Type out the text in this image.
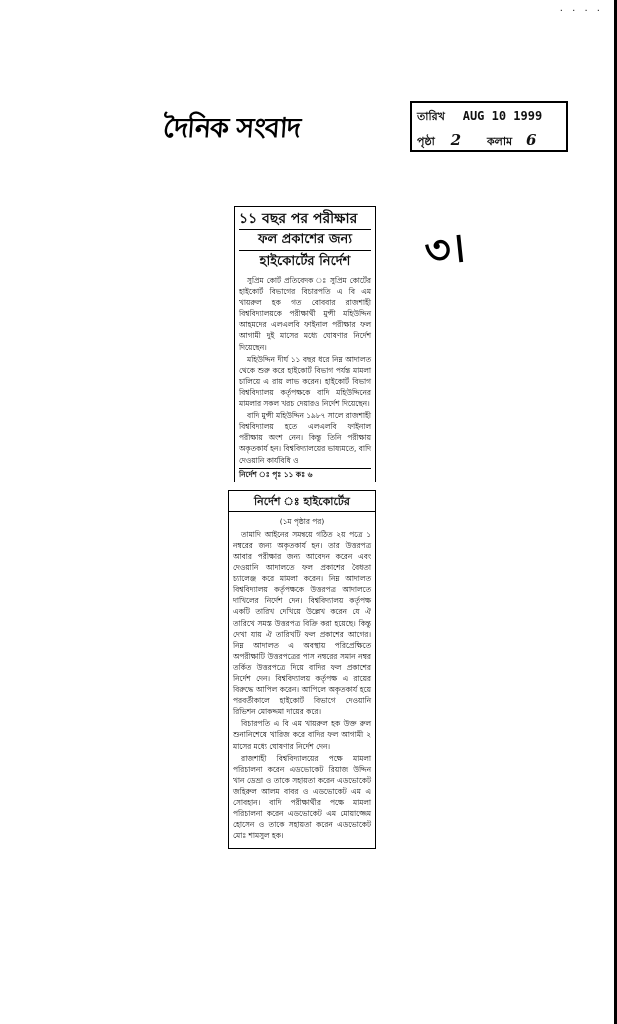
· · · ·
দৈনিক সংবাদ	তারিখ AUG 10 1999
পৃষ্ঠা 2 কলাম 6
৩।
১১ বছর পর পরীক্ষার
ফল প্রকাশের জন্য
হাইকোর্টের নির্দেশ

সুপ্রিম কোর্ট প্রতিবেদক ঃ সুপ্রিম কোর্টের হাইকোর্ট বিভাগের বিচারপতি এ বি এম খায়রুল হক গত বোববার রাজশাহী বিশ্ববিদ্যালয়কে পরীক্ষার্থী মুন্সী মহিউদ্দিন আহমদের এলএলবি ফাইনাল পরীক্ষার ফল আগামী দুই মাসের মধ্যে ঘোষণার নির্দেশ দিয়েছেন।

মহিউদ্দিন দীর্ঘ ১১ বছর ধরে নিম্ন আদালত থেকে শুরু করে হাইকোর্ট বিভাগ পর্যন্ত মামলা চালিয়ে এ রায় লাভ করেন। হাইকোর্ট বিভাগ বিশ্ববিদ্যালয় কর্তৃপক্ষকে বাদি মহিউদ্দিনের মামলার সকল খরচ দেয়ারও নির্দেশ দিয়েছেন।

বাদি মুন্সী মহিউদ্দিন ১৯৮৭ সালে রাজশাহী বিশ্ববিদ্যালয় হতে এলএলবি ফাইনাল পরীক্ষায় অংশ নেন। কিন্তু তিনি পরীক্ষায় অকৃতকার্য হন। বিশ্ববিদ্যালয়ের ভাষ্যমতে, বাদি দেওয়ানি কার্যবিধি ও

নির্দেশ ঃ পৃঃ ১১ কঃ ৬
নির্দেশ ঃ হাইকোর্টের
(১ম পৃষ্ঠার পর)

তামাদি আইনের সমন্বয়ে গঠিত ২য় পত্রে ১ নম্বরের জন্য অকৃতকার্য হন। তার উত্তরপত্র আবার পরীক্ষার জন্য আবেদন করেন এবং দেওয়ানি আদালতে ফল প্রকাশের বৈধতা চ্যালেঞ্জ করে মামলা করেন। নিম্ন আদালত বিশ্ববিদ্যালয় কর্তৃপক্ষকে উত্তরপত্র আদালতে দাখিলের নির্দেশ দেন। বিশ্ববিদ্যালয় কর্তৃপক্ষ একটি তারিখ দেখিয়ে উল্লেখ করেন যে ঐ তারিখে সমস্ত উত্তরপত্র বিক্রি করা হয়েছে। কিন্তু দেখা যায় ঐ তারিখটি ফল প্রকাশের আগের। নিম্ন আদালত এ অবস্থায় পরিপ্রেক্ষিতে অপরীক্ষাটি উত্তরপত্রের পাস নম্বরের সমান নম্বর তর্কিত উত্তরপত্রে দিয়ে বাদির ফল প্রকাশের নির্দেশ দেন। বিশ্ববিদ্যালয় কর্তৃপক্ষ এ রায়ের বিরুদ্ধে আপিল করেন। আপিলে অকৃতকার্য হয়ে পরবর্তীকালে হাইকোর্ট বিভাগে দেওয়ানি রিভিশন মোকদ্দমা দায়ের করে।

বিচারপতি এ বি এম খায়রুল হক উক্ত রুল শুনানিশেষে খারিজ করে বাদির ফল আগামী ২ মাসের মধ্যে ঘোষণার নির্দেশ দেন।

রাজশাহী বিশ্ববিদ্যালয়ের পক্ষে মামলা পরিচালনা করেন এডভোকেট রিয়াজ উদ্দিন খান ডেভ্রা ও তাকে সহায়তা করেন এডভোকেট জহিরুল আলম বাবর ও এডভোকেট এম এ সোবহান। বাদি পরীক্ষার্থীর পক্ষে মামলা পরিচালনা করেন এডভোকেট এম মোয়াজ্জেম হোসেন ও তাকে সহায়তা করেন এডভোকেট মোঃ শামসুল হক।
